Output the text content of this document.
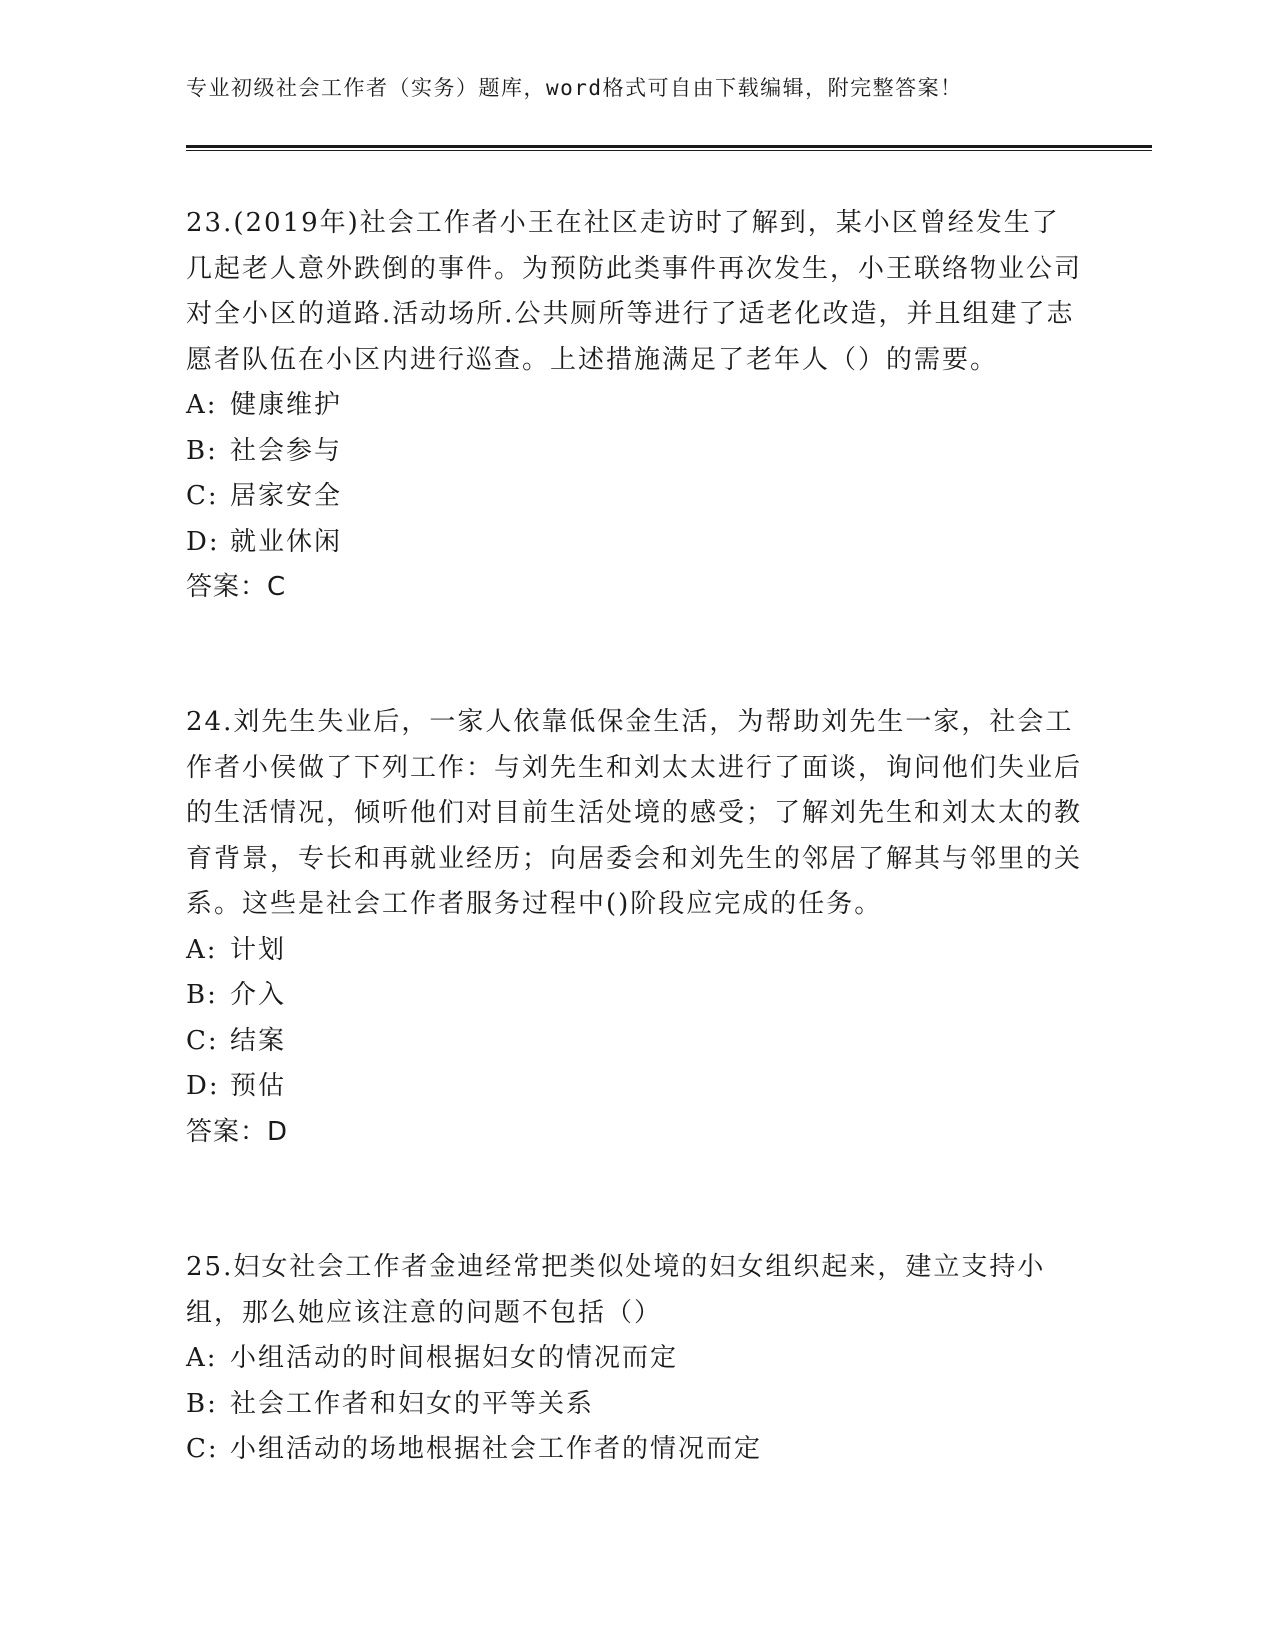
专业初级社会工作者（实务）题库，word格式可自由下载编辑，附完整答案！

23.(2019年)社会工作者小王在社区走访时了解到，某小区曾经发生了几起老人意外跌倒的事件。为预防此类事件再次发生，小王联络物业公司对全小区的道路.活动场所.公共厕所等进行了适老化改造，并且组建了志愿者队伍在小区内进行巡查。上述措施满足了老年人（）的需要。

A: 健康维护

B: 社会参与

C: 居家安全

D: 就业休闲

答案：C

24.刘先生失业后，一家人依靠低保金生活，为帮助刘先生一家，社会工作者小侯做了下列工作：与刘先生和刘太太进行了面谈，询问他们失业后的生活情况，倾听他们对目前生活处境的感受；了解刘先生和刘太太的教育背景，专长和再就业经历；向居委会和刘先生的邻居了解其与邻里的关系。这些是社会工作者服务过程中()阶段应完成的任务。

A: 计划

B: 介入

C: 结案

D: 预估

答案：D

25.妇女社会工作者金迪经常把类似处境的妇女组织起来，建立支持小组，那么她应该注意的问题不包括（）

A: 小组活动的时间根据妇女的情况而定

B: 社会工作者和妇女的平等关系

C: 小组活动的场地根据社会工作者的情况而定
